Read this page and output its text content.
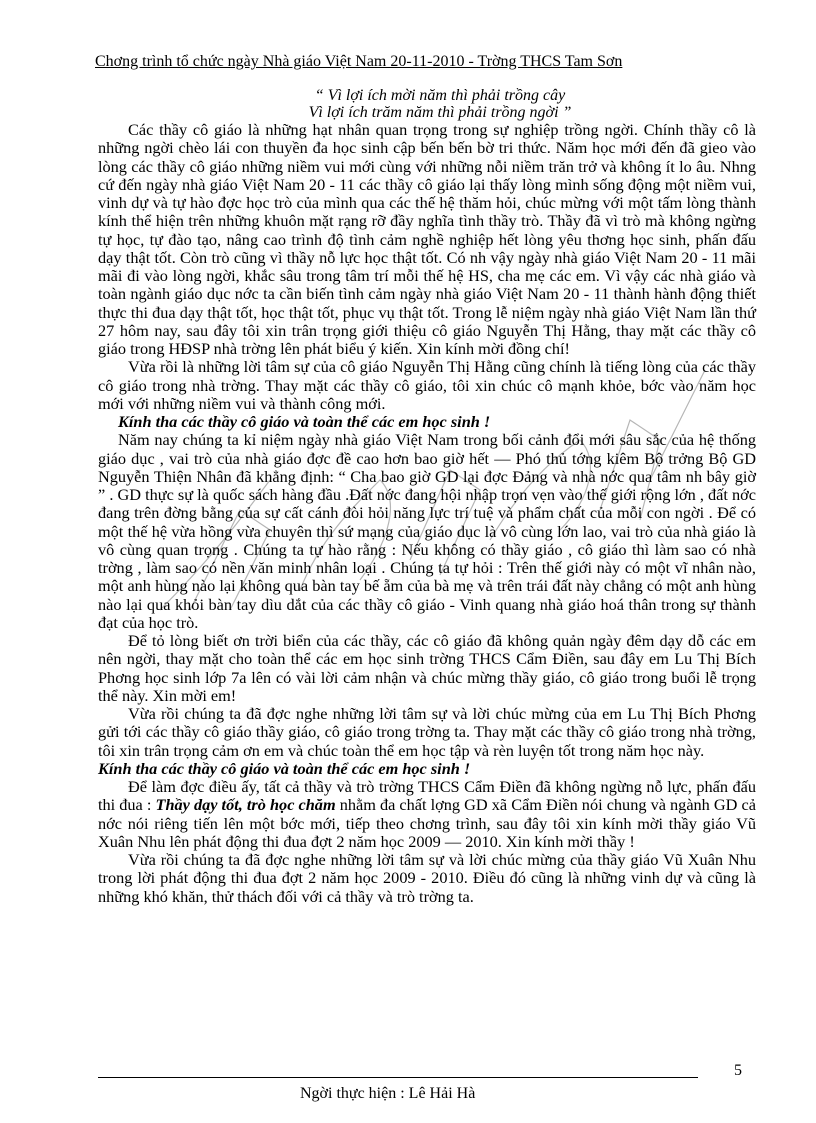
Chơng trình tổ chức ngày Nhà giáo Việt Nam 20-11-2010 - Trờng THCS Tam Sơn
“ Vì lợi ích mời năm thì phải trồng cây
Vì lợi ích trăm năm thì phải trồng ngời ”

Các thầy cô giáo là những hạt nhân quan trọng trong sự nghiệp trồng ngời. Chính thầy cô là những ngời chèo lái con thuyền đa học sinh cập bến bến bờ tri thức. Năm học mới đến đã gieo vào lòng các thầy cô giáo những niềm vui mới cùng với những nỗi niềm trăn trở và không ít lo âu. Nhng cứ đến ngày nhà giáo Việt Nam 20 - 11 các thầy cô giáo lại thấy lòng mình sống động một niềm vui, vinh dự và tự hào đợc học trò của mình qua các thế hệ thăm hỏi, chúc mừng với một tấm lòng thành kính thể hiện trên những khuôn mặt rạng rỡ đầy nghĩa tình thầy trò. Thầy đã vì trò mà không ngừng tự học, tự đào tạo, nâng cao trình độ tình cảm nghề nghiệp hết lòng yêu thơng học sinh, phấn đấu dạy thật tốt. Còn trò cũng vì thầy nỗ lực học thật tốt. Có nh vậy ngày nhà giáo Việt Nam 20 - 11 mãi mãi đi vào lòng ngời, khắc sâu trong tâm trí mỗi thế hệ HS, cha mẹ các em. Vì vậy các nhà giáo và toàn ngành giáo dục nớc ta cần biến tình cảm ngày nhà giáo Việt Nam 20 - 11 thành hành động thiết thực thi đua dạy thật tốt, học thật tốt, phục vụ thật tốt. Trong lễ niệm ngày nhà giáo Việt Nam lần thứ 27 hôm nay, sau đây tôi xin trân trọng giới thiệu cô giáo Nguyễn Thị Hằng, thay mặt các thầy cô giáo trong HĐSP nhà trờng lên phát biểu ý kiến. Xin kính mời đồng chí!

Vừa rồi là những lời tâm sự của cô giáo Nguyễn Thị Hằng cũng chính là tiếng lòng của các thầy cô giáo trong nhà trờng. Thay mặt các thầy cô giáo, tôi xin chúc cô mạnh khỏe, bớc vào năm học mới với những niềm vui và thành công mới.

Kính tha các thầy cô giáo và toàn thể các em học sinh !

Năm nay chúng ta kỉ niệm ngày nhà giáo Việt Nam trong bối cảnh đổi mới sâu sắc của hệ thống giáo dục , vai trò của nhà giáo đợc đề cao hơn bao giờ hết — Phó thủ tớng kiêm Bộ trởng Bộ GD Nguyễn Thiện Nhân đã khẳng định: “ Cha bao giờ GD lại đợc Đảng và nhà nớc qua tâm nh bây giờ ” . GD thực sự là quốc sách hàng đầu .Đất nớc đang hội nhập trọn vẹn vào thế giới rộng lớn , đất nớc đang trên đờng bằng của sự cất cánh đòi hỏi năng lực trí tuệ và phẩm chất của mỗi con ngời . Để có một thế hệ vừa hồng vừa chuyên thì sứ mạng của giáo dục là vô cùng lớn lao, vai trò của nhà giáo là vô cùng quan trọng . Chúng ta tự hào rằng : Nếu không có thầy giáo , cô giáo thì làm sao có nhà trờng , làm sao có nền văn minh nhân loại . Chúng ta tự hỏi : Trên thế giới này có một vĩ nhân nào, một anh hùng nào lại không qua bàn tay bế ẵm của bà mẹ và trên trái đất này chẳng có một anh hùng nào lại qua khỏi bàn tay dìu dắt của các thầy cô giáo - Vinh quang nhà giáo hoá thân trong sự thành đạt của học trò.

Để tỏ lòng biết ơn trời biển của các thầy, các cô giáo đã không quản ngày đêm dạy dỗ các em nên ngời, thay mặt cho toàn thể các em học sinh trờng THCS Cẩm Điền, sau đây em Lu Thị Bích Phơng học sinh lớp 7a lên có vài lời cảm nhận và chúc mừng thầy giáo, cô giáo trong buổi lễ trọng thể này. Xin mời em!

Vừa rồi chúng ta đã đợc nghe những lời tâm sự và lời chúc mừng của em Lu Thị Bích Phơng gửi tới các thầy cô giáo thầy giáo, cô giáo trong trờng ta. Thay mặt các thầy cô giáo trong nhà trờng, tôi xin trân trọng cảm ơn em và chúc toàn thể em học tập và rèn luyện tốt trong năm học này.

Kính tha các thầy cô giáo và toàn thể các em học sinh !

Để làm đợc điều ấy, tất cả thầy và trò trờng THCS Cẩm Điền đã không ngừng nỗ lực, phấn đấu thi đua : Thầy dạy tốt, trò học chăm nhằm đa chất lợng GD xã Cẩm Điền nói chung và ngành GD cả nớc nói riêng tiến lên một bớc mới, tiếp theo chơng trình, sau đây tôi xin kính mời thầy giáo Vũ Xuân Nhu lên phát động thi đua đợt 2 năm học 2009 — 2010. Xin kính mời thầy !

Vừa rồi chúng ta đã đợc nghe những lời tâm sự và lời chúc mừng của thầy giáo Vũ Xuân Nhu trong lời phát động thi đua đợt 2 năm học 2009 - 2010. Điều đó cũng là những vinh dự và cũng là những khó khăn, thử thách đối với cả thầy và trò trờng ta.

5
Ngời thực hiện : Lê Hải Hà
